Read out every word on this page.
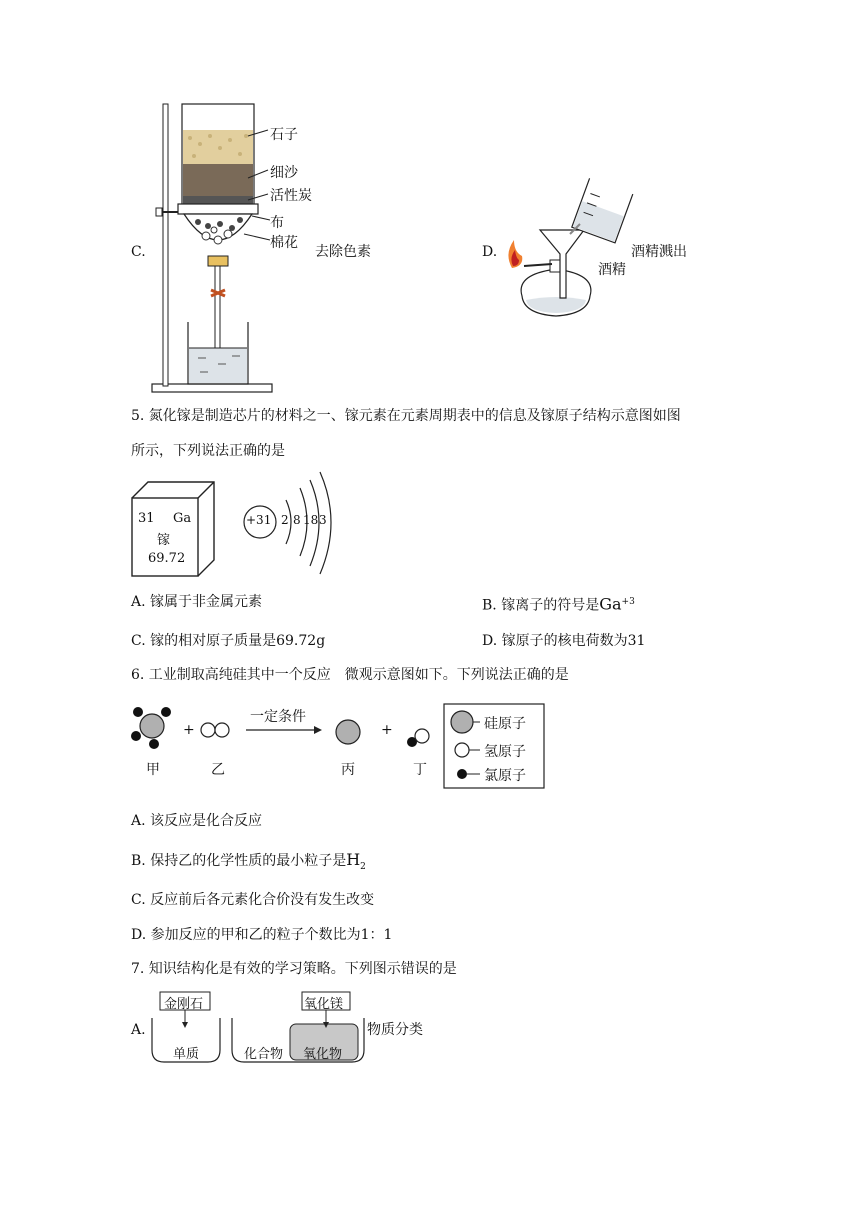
C.
石子
细沙
活性炭
布
棉花
去除色素	D.
酒精
酒精溅出
5. 氮化镓是制造芯片的材料之一、镓元素在元素周期表中的信息及镓原子结构示意图如图
所示，下列说法正确的是
31 Ga
镓
69.72
+31 2 8 18 3
A. 镓属于非金属元素	B. 镓离子的符号是$Ga^{+3}$
C. 镓的相对原子质量是69.72g	D. 镓原子的核电荷数为31
6. 工业制取高纯硅其中一个反应　微观示意图如下。下列说法正确的是
+	+
一定条件
甲	乙	丙	丁
硅原子
氢原子
氯原子
A. 该反应是化合反应
B. 保持乙的化学性质的最小粒子是$H_2$
C. 反应前后各元素化合价没有发生改变
D. 参加反应的甲和乙的粒子个数比为1：1
7. 知识结构化是有效的学习策略。下列图示错误的是
A.
金刚石
单质
氧化镁
化合物 氧化物
物质分类
